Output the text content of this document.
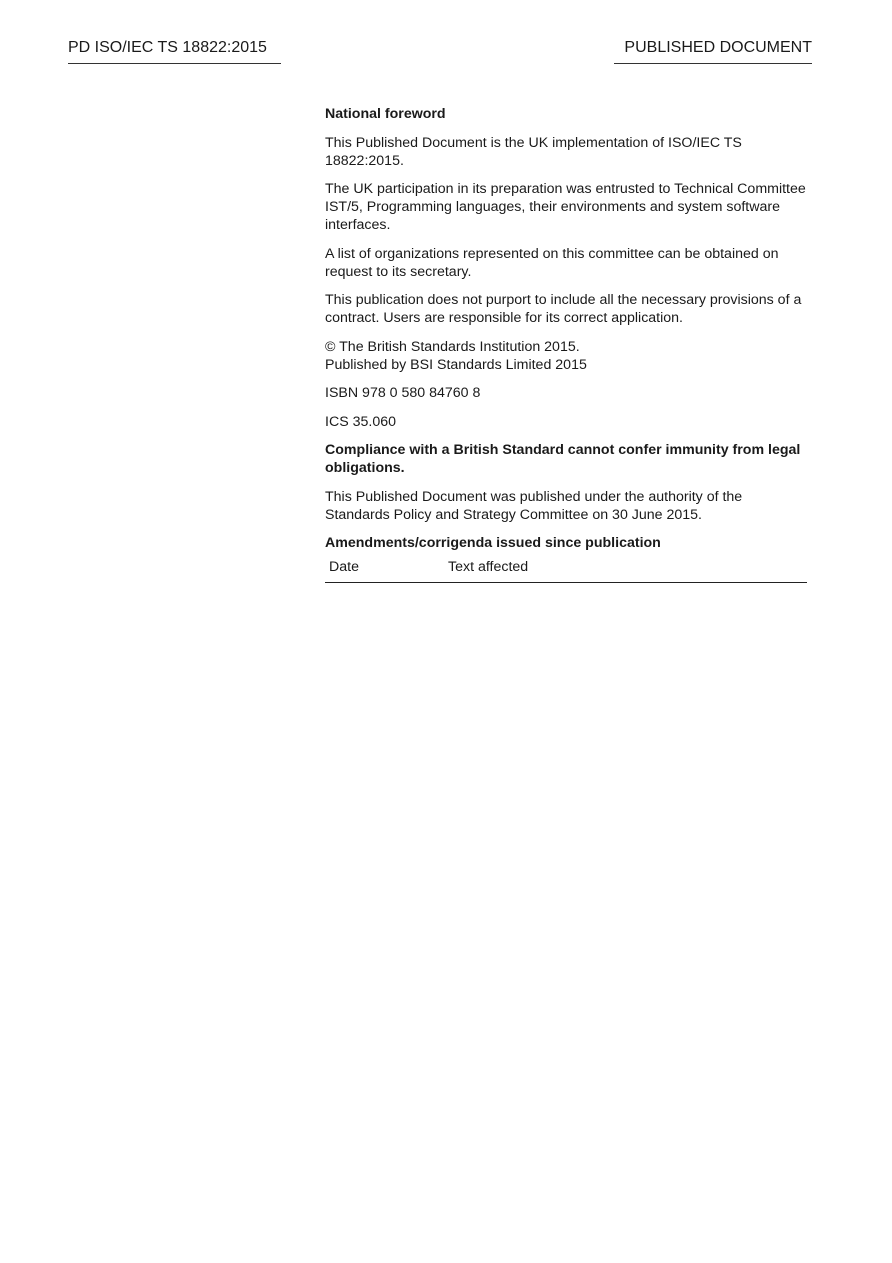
PD ISO/IEC TS 18822:2015	PUBLISHED DOCUMENT

National foreword

This Published Document is the UK implementation of ISO/IEC TS 18822:2015.

The UK participation in its preparation was entrusted to Technical Committee IST/5, Programming languages, their environments and system software interfaces.

A list of organizations represented on this committee can be obtained on request to its secretary.

This publication does not purport to include all the necessary provisions of a contract. Users are responsible for its correct application.

© The British Standards Institution 2015.
Published by BSI Standards Limited 2015

ISBN 978 0 580 84760 8

ICS 35.060

Compliance with a British Standard cannot confer immunity from legal obligations.

This Published Document was published under the authority of the Standards Policy and Strategy Committee on 30 June 2015.

Amendments/corrigenda issued since publication
Date	Text affected
